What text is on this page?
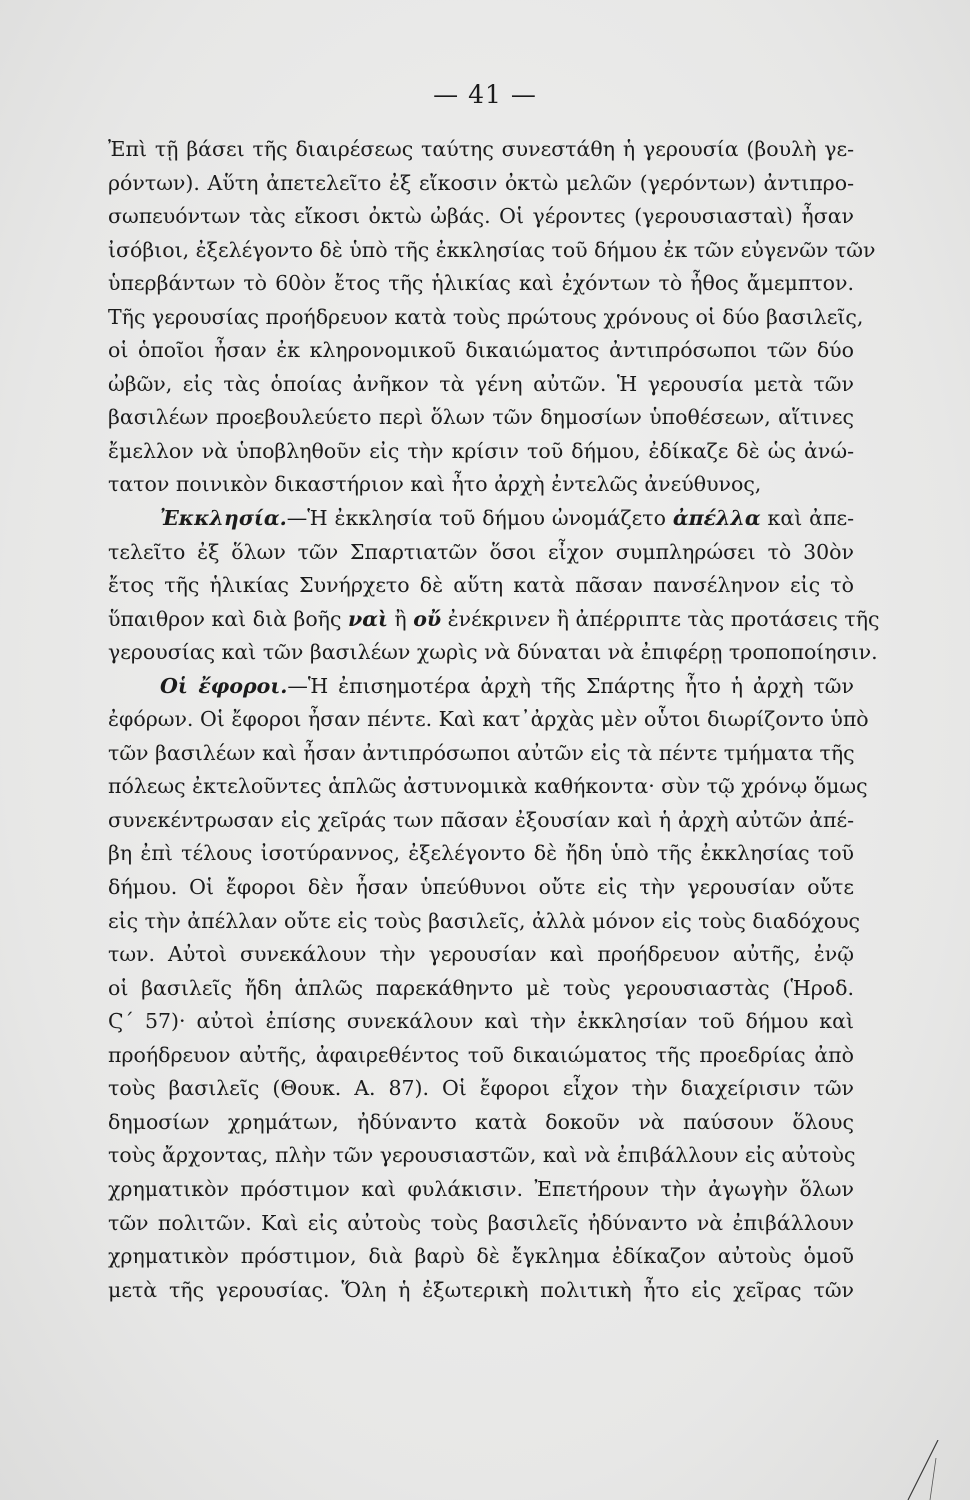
— 41 —
Ἐπὶ τῇ βάσει τῆς διαιρέσεως ταύτης συνεστάθη ἡ γερουσία (βουλὴ γε-
ρόντων). Αὕτη ἀπετελεῖτο ἐξ εἴκοσιν ὀκτὼ μελῶν (γερόντων) ἀντιπρο-
σωπευόντων τὰς εἴκοσι ὀκτὼ ὠβάς. Οἱ γέροντες (γερουσιασταὶ) ἦσαν
ἰσόβιοι, ἐξελέγοντο δὲ ὑπὸ τῆς ἐκκλησίας τοῦ δήμου ἐκ τῶν εὐγενῶν τῶν
ὑπερβάντων τὸ 60ὸν ἔτος τῆς ἡλικίας καὶ ἐχόντων τὸ ἦθος ἄμεμπτον.
Τῆς γερουσίας προήδρευον κατὰ τοὺς πρώτους χρόνους οἱ δύο βασιλεῖς,
οἱ ὁποῖοι ἦσαν ἐκ κληρονομικοῦ δικαιώματος ἀντιπρόσωποι τῶν δύο
ὠβῶν, εἰς τὰς ὁποίας ἀνῆκον τὰ γένη αὐτῶν. Ἡ γερουσία μετὰ τῶν
βασιλέων προεβουλεύετο περὶ ὅλων τῶν δημοσίων ὑποθέσεων, αἵτινες
ἔμελλον νὰ ὑποβληθοῦν εἰς τὴν κρίσιν τοῦ δήμου, ἐδίκαζε δὲ ὡς ἀνώ-
τατον ποινικὸν δικαστήριον καὶ ἦτο ἀρχὴ ἐντελῶς ἀνεύθυνος,
Ἐκκλησία.—Ἡ ἐκκλησία τοῦ δήμου ὠνομάζετο ἀπέλλα καὶ ἀπε-
τελεῖτο ἐξ ὅλων τῶν Σπαρτιατῶν ὅσοι εἶχον συμπληρώσει τὸ 30ὸν
ἔτος τῆς ἡλικίας Συνήρχετο δὲ αὕτη κατὰ πᾶσαν πανσέληνον εἰς τὸ
ὕπαιθρον καὶ διὰ βοῆς ναὶ ἢ οὔ ἐνέκρινεν ἢ ἀπέρριπτε τὰς προτάσεις τῆς
γερουσίας καὶ τῶν βασιλέων χωρὶς νὰ δύναται νὰ ἐπιφέρῃ τροποποίησιν.
Οἱ ἔφοροι.—Ἡ ἐπισημοτέρα ἀρχὴ τῆς Σπάρτης ἦτο ἡ ἀρχὴ τῶν
ἐφόρων. Οἱ ἔφοροι ἦσαν πέντε. Καὶ κατ᾽ἀρχὰς μὲν οὗτοι διωρίζοντο ὑπὸ
τῶν βασιλέων καὶ ἦσαν ἀντιπρόσωποι αὐτῶν εἰς τὰ πέντε τμήματα τῆς
πόλεως ἐκτελοῦντες ἁπλῶς ἀστυνομικὰ καθήκοντα· σὺν τῷ χρόνῳ ὅμως
συνεκέντρωσαν εἰς χεῖράς των πᾶσαν ἐξουσίαν καὶ ἡ ἀρχὴ αὐτῶν ἀπέ-
βη ἐπὶ τέλους ἰσοτύραννος, ἐξελέγοντο δὲ ἤδη ὑπὸ τῆς ἐκκλησίας τοῦ
δήμου. Οἱ ἔφοροι δὲν ἦσαν ὑπεύθυνοι οὔτε εἰς τὴν γερουσίαν οὔτε
εἰς τὴν ἀπέλλαν οὔτε εἰς τοὺς βασιλεῖς, ἀλλὰ μόνον εἰς τοὺς διαδόχους
των. Αὐτοὶ συνεκάλουν τὴν γερουσίαν καὶ προήδρευον αὐτῆς, ἐνῷ
οἱ βασιλεῖς ἤδη ἁπλῶς παρεκάθηντο μὲ τοὺς γερουσιαστὰς (Ἡροδ.
Ϛ΄ 57)· αὐτοὶ ἐπίσης συνεκάλουν καὶ τὴν ἐκκλησίαν τοῦ δήμου καὶ
προήδρευον αὐτῆς, ἀφαιρεθέντος τοῦ δικαιώματος τῆς προεδρίας ἀπὸ
τοὺς βασιλεῖς (Θουκ. Α. 87). Οἱ ἔφοροι εἶχον τὴν διαχείρισιν τῶν
δημοσίων χρημάτων, ἠδύναντο κατὰ δοκοῦν νὰ παύσουν ὅλους
τοὺς ἄρχοντας, πλὴν τῶν γερουσιαστῶν, καὶ νὰ ἐπιβάλλουν εἰς αὐτοὺς
χρηματικὸν πρόστιμον καὶ φυλάκισιν. Ἐπετήρουν τὴν ἀγωγὴν ὅλων
τῶν πολιτῶν. Καὶ εἰς αὐτοὺς τοὺς βασιλεῖς ἠδύναντο νὰ ἐπιβάλλουν
χρηματικὸν πρόστιμον, διὰ βαρὺ δὲ ἔγκλημα ἐδίκαζον αὐτοὺς ὁμοῦ
μετὰ τῆς γερουσίας. Ὅλη ἡ ἐξωτερικὴ πολιτικὴ ἦτο εἰς χεῖρας τῶν
